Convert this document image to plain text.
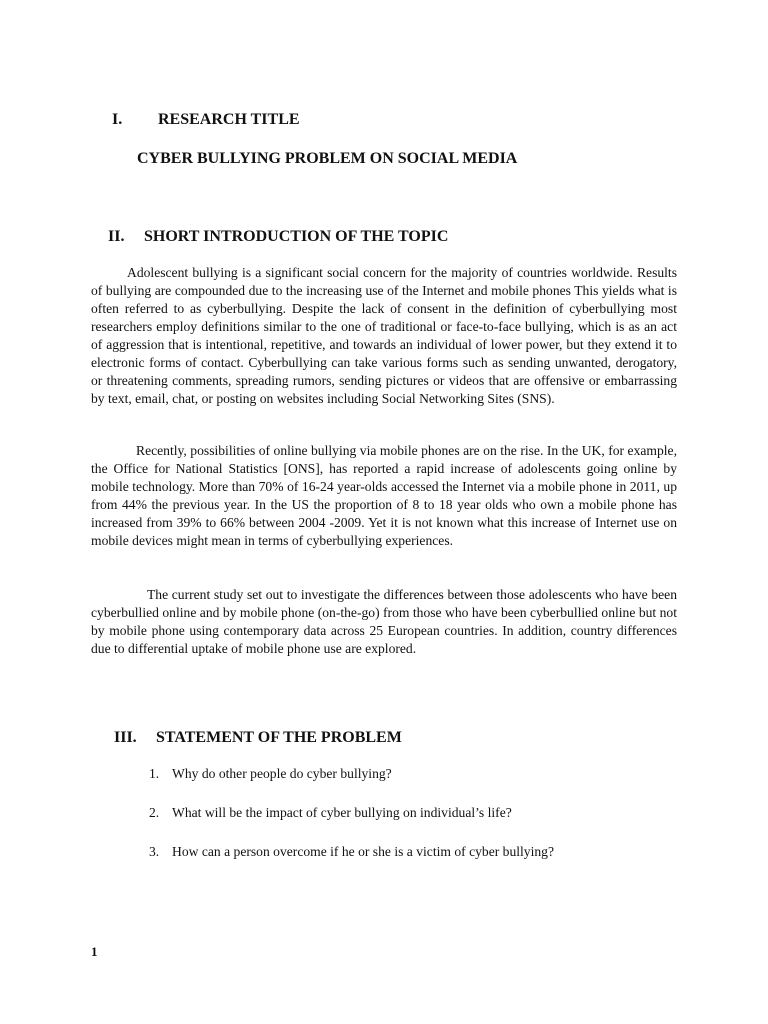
I. RESEARCH TITLE
CYBER BULLYING PROBLEM ON SOCIAL MEDIA
II. SHORT INTRODUCTION OF THE TOPIC

Adolescent bullying is a significant social concern for the majority of countries worldwide. Results of bullying are compounded due to the increasing use of the Internet and mobile phones This yields what is often referred to as cyberbullying. Despite the lack of consent in the definition of cyberbullying most researchers employ definitions similar to the one of traditional or face-to-face bullying, which is as an act of aggression that is intentional, repetitive, and towards an individual of lower power, but they extend it to electronic forms of contact. Cyberbullying can take various forms such as sending unwanted, derogatory, or threatening comments, spreading rumors, sending pictures or videos that are offensive or embarrassing by text, email, chat, or posting on websites including Social Networking Sites (SNS).

Recently, possibilities of online bullying via mobile phones are on the rise. In the UK, for example, the Office for National Statistics [ONS], has reported a rapid increase of adolescents going online by mobile technology. More than 70% of 16-24 year-olds accessed the Internet via a mobile phone in 2011, up from 44% the previous year. In the US the proportion of 8 to 18 year olds who own a mobile phone has increased from 39% to 66% between 2004 -2009. Yet it is not known what this increase of Internet use on mobile devices might mean in terms of cyberbullying experiences.

The current study set out to investigate the differences between those adolescents who have been cyberbullied online and by mobile phone (on-the-go) from those who have been cyberbullied online but not by mobile phone using contemporary data across 25 European countries. In addition, country differences due to differential uptake of mobile phone use are explored.

III. STATEMENT OF THE PROBLEM
1. Why do other people do cyber bullying?
2. What will be the impact of cyber bullying on individual’s life?
3. How can a person overcome if he or she is a victim of cyber bullying?
1
